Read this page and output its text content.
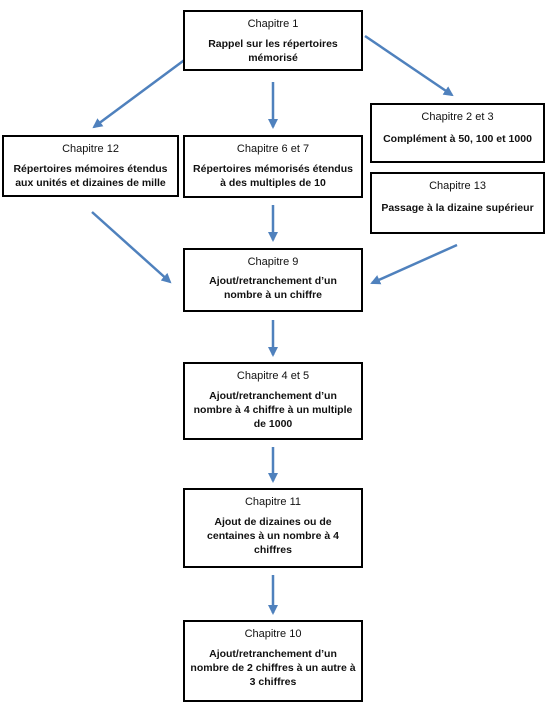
Chapitre 1
Rappel sur les répertoires mémorisé
Chapitre 2 et 3
Complément à 50, 100 et 1000
Chapitre 12
Répertoires mémoires étendus aux unités et dizaines de mille
Chapitre 6 et 7
Répertoires mémorisés étendus à des multiples de 10	Chapitre 13
Passage à la dizaine supérieur
Chapitre 9
Ajout/retranchement d’un nombre à un chiffre
Chapitre 4 et 5
Ajout/retranchement d’un nombre à 4 chiffre à un multiple de 1000
Chapitre 11
Ajout de dizaines ou de centaines à un nombre à 4 chiffres
Chapitre 10
Ajout/retranchement d’un nombre de 2 chiffres à un autre à 3 chiffres
